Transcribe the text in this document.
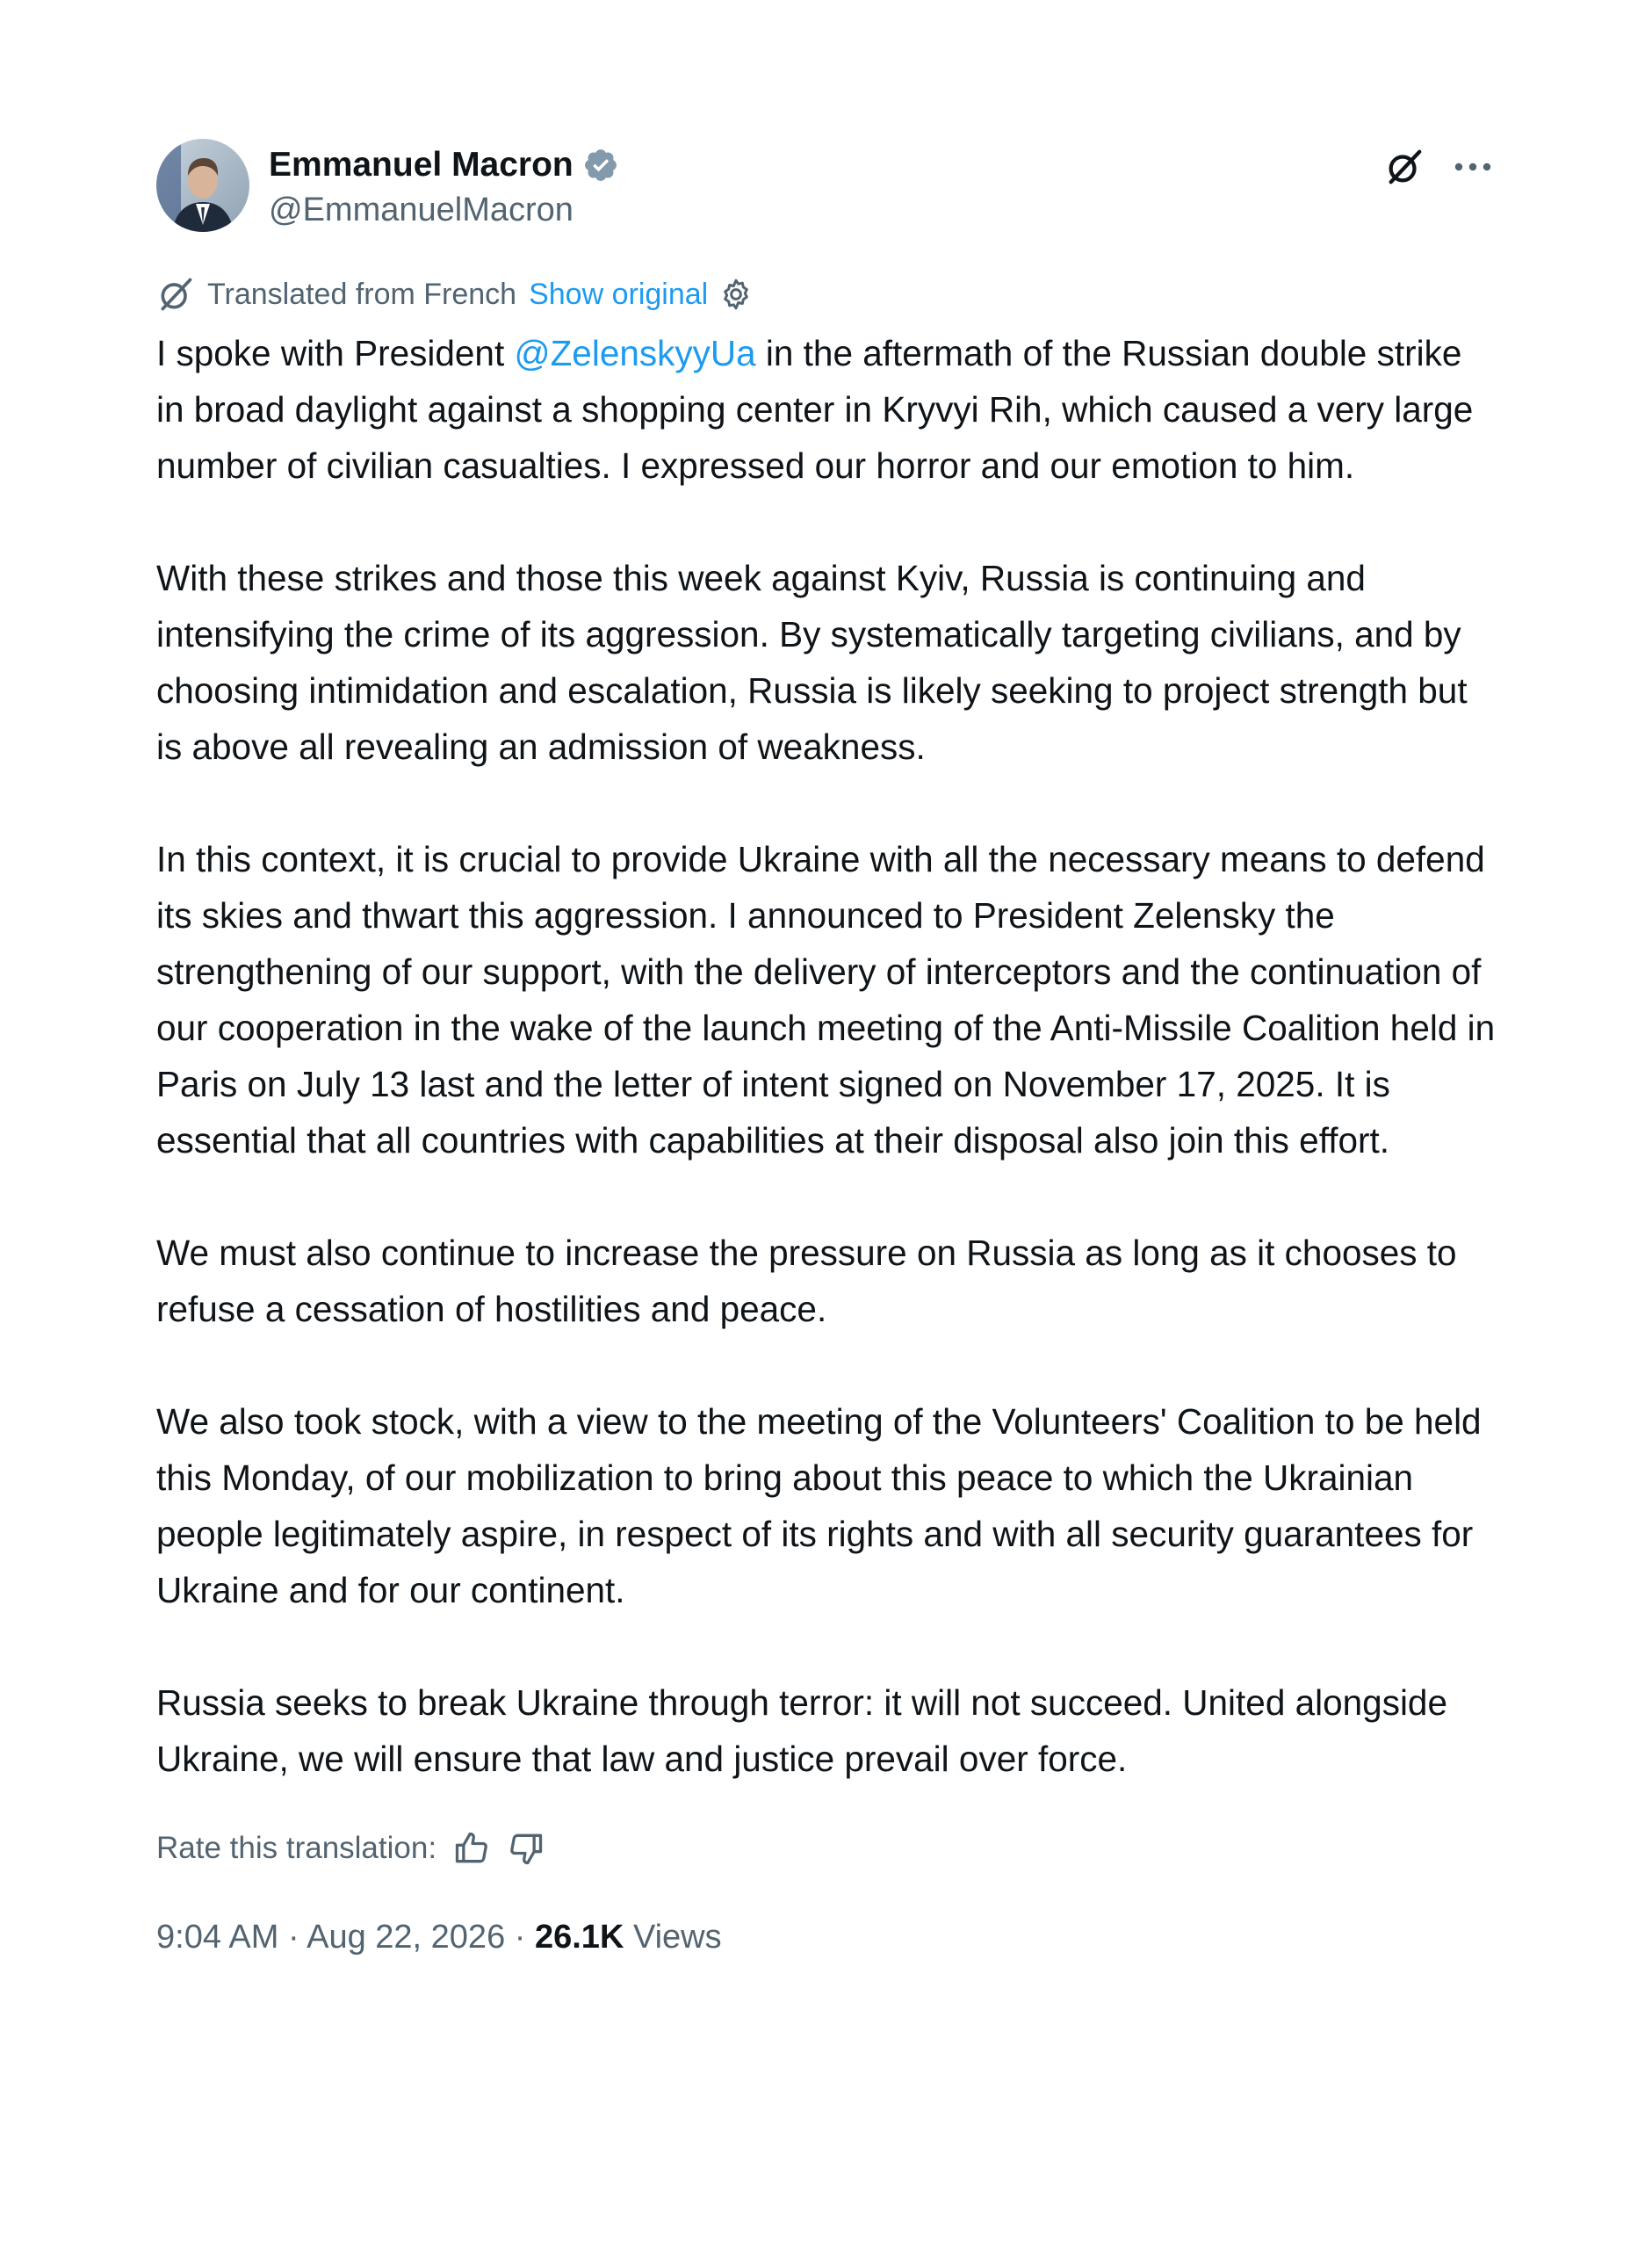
Emmanuel Macron
@EmmanuelMacron
Translated from French Show original

I spoke with President @ZelenskyyUa in the aftermath of the Russian double strike in broad daylight against a shopping center in Kryvyi Rih, which caused a very large number of civilian casualties. I expressed our horror and our emotion to him.

With these strikes and those this week against Kyiv, Russia is continuing and intensifying the crime of its aggression. By systematically targeting civilians, and by choosing intimidation and escalation, Russia is likely seeking to project strength but is above all revealing an admission of weakness.

In this context, it is crucial to provide Ukraine with all the necessary means to defend its skies and thwart this aggression. I announced to President Zelensky the strengthening of our support, with the delivery of interceptors and the continuation of our cooperation in the wake of the launch meeting of the Anti-Missile Coalition held in Paris on July 13 last and the letter of intent signed on November 17, 2025. It is essential that all countries with capabilities at their disposal also join this effort.

We must also continue to increase the pressure on Russia as long as it chooses to refuse a cessation of hostilities and peace.

We also took stock, with a view to the meeting of the Volunteers' Coalition to be held this Monday, of our mobilization to bring about this peace to which the Ukrainian people legitimately aspire, in respect of its rights and with all security guarantees for Ukraine and for our continent.

Russia seeks to break Ukraine through terror: it will not succeed. United alongside Ukraine, we will ensure that law and justice prevail over force.

Rate this translation:
9:04 AM · Aug 22, 2026 · 26.1K Views
